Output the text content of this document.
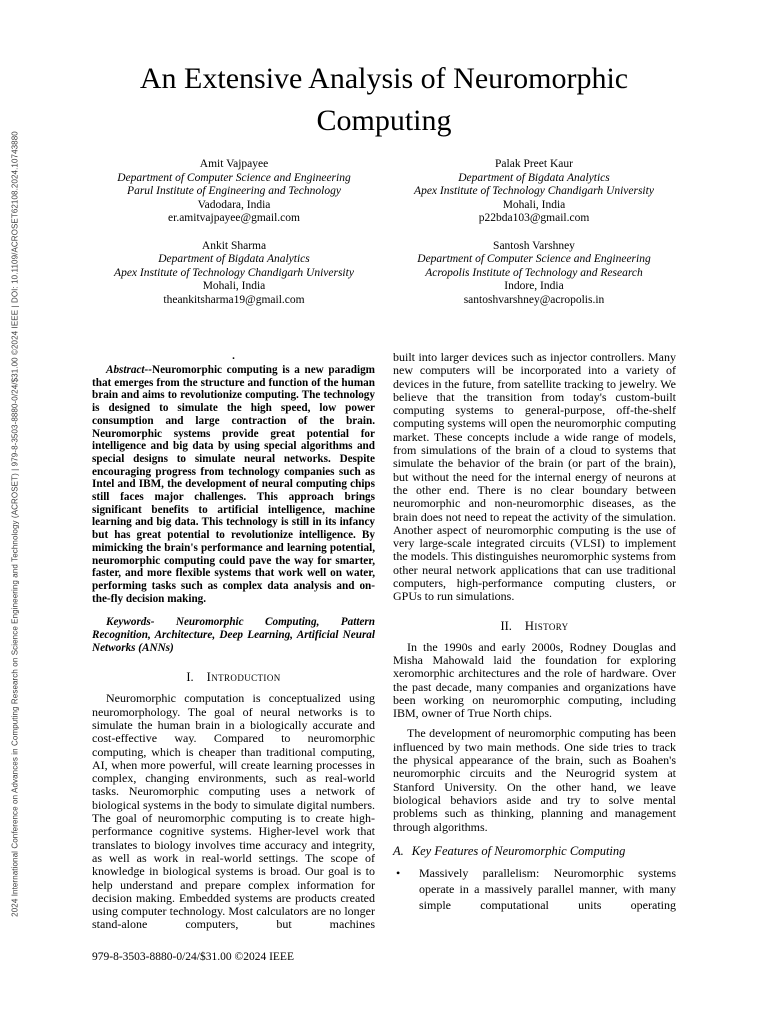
2024 International Conference on Advances in Computing Research on Science Engineering and Technology (ACROSET) | 979-8-3503-8880-0/24/$31.00 ©2024 IEEE | DOI: 10.1109/ACROSET62108.2024.10743880
An Extensive Analysis of Neuromorphic Computing
Amit Vajpayee
Department of Computer Science and Engineering
Parul Institute of Engineering and Technology
Vadodara, India
er.amitvajpayee@gmail.com
Palak Preet Kaur
Department of Bigdata Analytics
Apex Institute of Technology Chandigarh University
Mohali, India
p22bda103@gmail.com
Ankit Sharma
Department of Bigdata Analytics
Apex Institute of Technology Chandigarh University
Mohali, India
theankitsharma19@gmail.com
Santosh Varshney
Department of Computer Science and Engineering
Acropolis Institute of Technology and Research
Indore, India
santoshvarshney@acropolis.in

.

Abstract--Neuromorphic computing is a new paradigm that emerges from the structure and function of the human brain and aims to revolutionize computing. The technology is designed to simulate the high speed, low power consumption and large contraction of the brain. Neuromorphic systems provide great potential for intelligence and big data by using special algorithms and special designs to simulate neural networks. Despite encouraging progress from technology companies such as Intel and IBM, the development of neural computing chips still faces major challenges. This approach brings significant benefits to artificial intelligence, machine learning and big data. This technology is still in its infancy but has great potential to revolutionize intelligence. By mimicking the brain's performance and learning potential, neuromorphic computing could pave the way for smarter, faster, and more flexible systems that work well on water, performing tasks such as complex data analysis and on-the-fly decision making.

Keywords- Neuromorphic Computing, Pattern Recognition, Architecture, Deep Learning, Artificial Neural Networks (ANNs)

I. Introduction

Neuromorphic computation is conceptualized using neuromorphology. The goal of neural networks is to simulate the human brain in a biologically accurate and cost-effective way. Compared to neuromorphic computing, which is cheaper than traditional computing, AI, when more powerful, will create learning processes in complex, changing environments, such as real-world tasks. Neuromorphic computing uses a network of biological systems in the body to simulate digital numbers. The goal of neuromorphic computing is to create high-performance cognitive systems. Higher-level work that translates to biology involves time accuracy and integrity, as well as work in real-world settings. The scope of knowledge in biological systems is broad. Our goal is to help understand and prepare complex information for decision making. Embedded systems are products created using computer technology. Most calculators are no longer stand-alone computers, but machines

built into larger devices such as injector controllers. Many new computers will be incorporated into a variety of devices in the future, from satellite tracking to jewelry. We believe that the transition from today's custom-built computing systems to general-purpose, off-the-shelf computing systems will open the neuromorphic computing market. These concepts include a wide range of models, from simulations of the brain of a cloud to systems that simulate the behavior of the brain (or part of the brain), but without the need for the internal energy of neurons at the other end. There is no clear boundary between neuromorphic and non-neuromorphic diseases, as the brain does not need to repeat the activity of the simulation. Another aspect of neuromorphic computing is the use of very large-scale integrated circuits (VLSI) to implement the models. This distinguishes neuromorphic systems from other neural network applications that can use traditional computers, high-performance computing clusters, or GPUs to run simulations.

II. History

In the 1990s and early 2000s, Rodney Douglas and Misha Mahowald laid the foundation for exploring xeromorphic architectures and the role of hardware. Over the past decade, many companies and organizations have been working on neuromorphic computing, including IBM, owner of True North chips.

The development of neuromorphic computing has been influenced by two main methods. One side tries to track the physical appearance of the brain, such as Boahen's neuromorphic circuits and the Neurogrid system at Stanford University. On the other hand, we leave biological behaviors aside and try to solve mental problems such as thinking, planning and management through algorithms.

A. Key Features of Neuromorphic Computing
•	Massively parallelism: Neuromorphic systems operate in a massively parallel manner, with many simple computational units operating
979-8-3503-8880-0/24/$31.00 ©2024 IEEE
